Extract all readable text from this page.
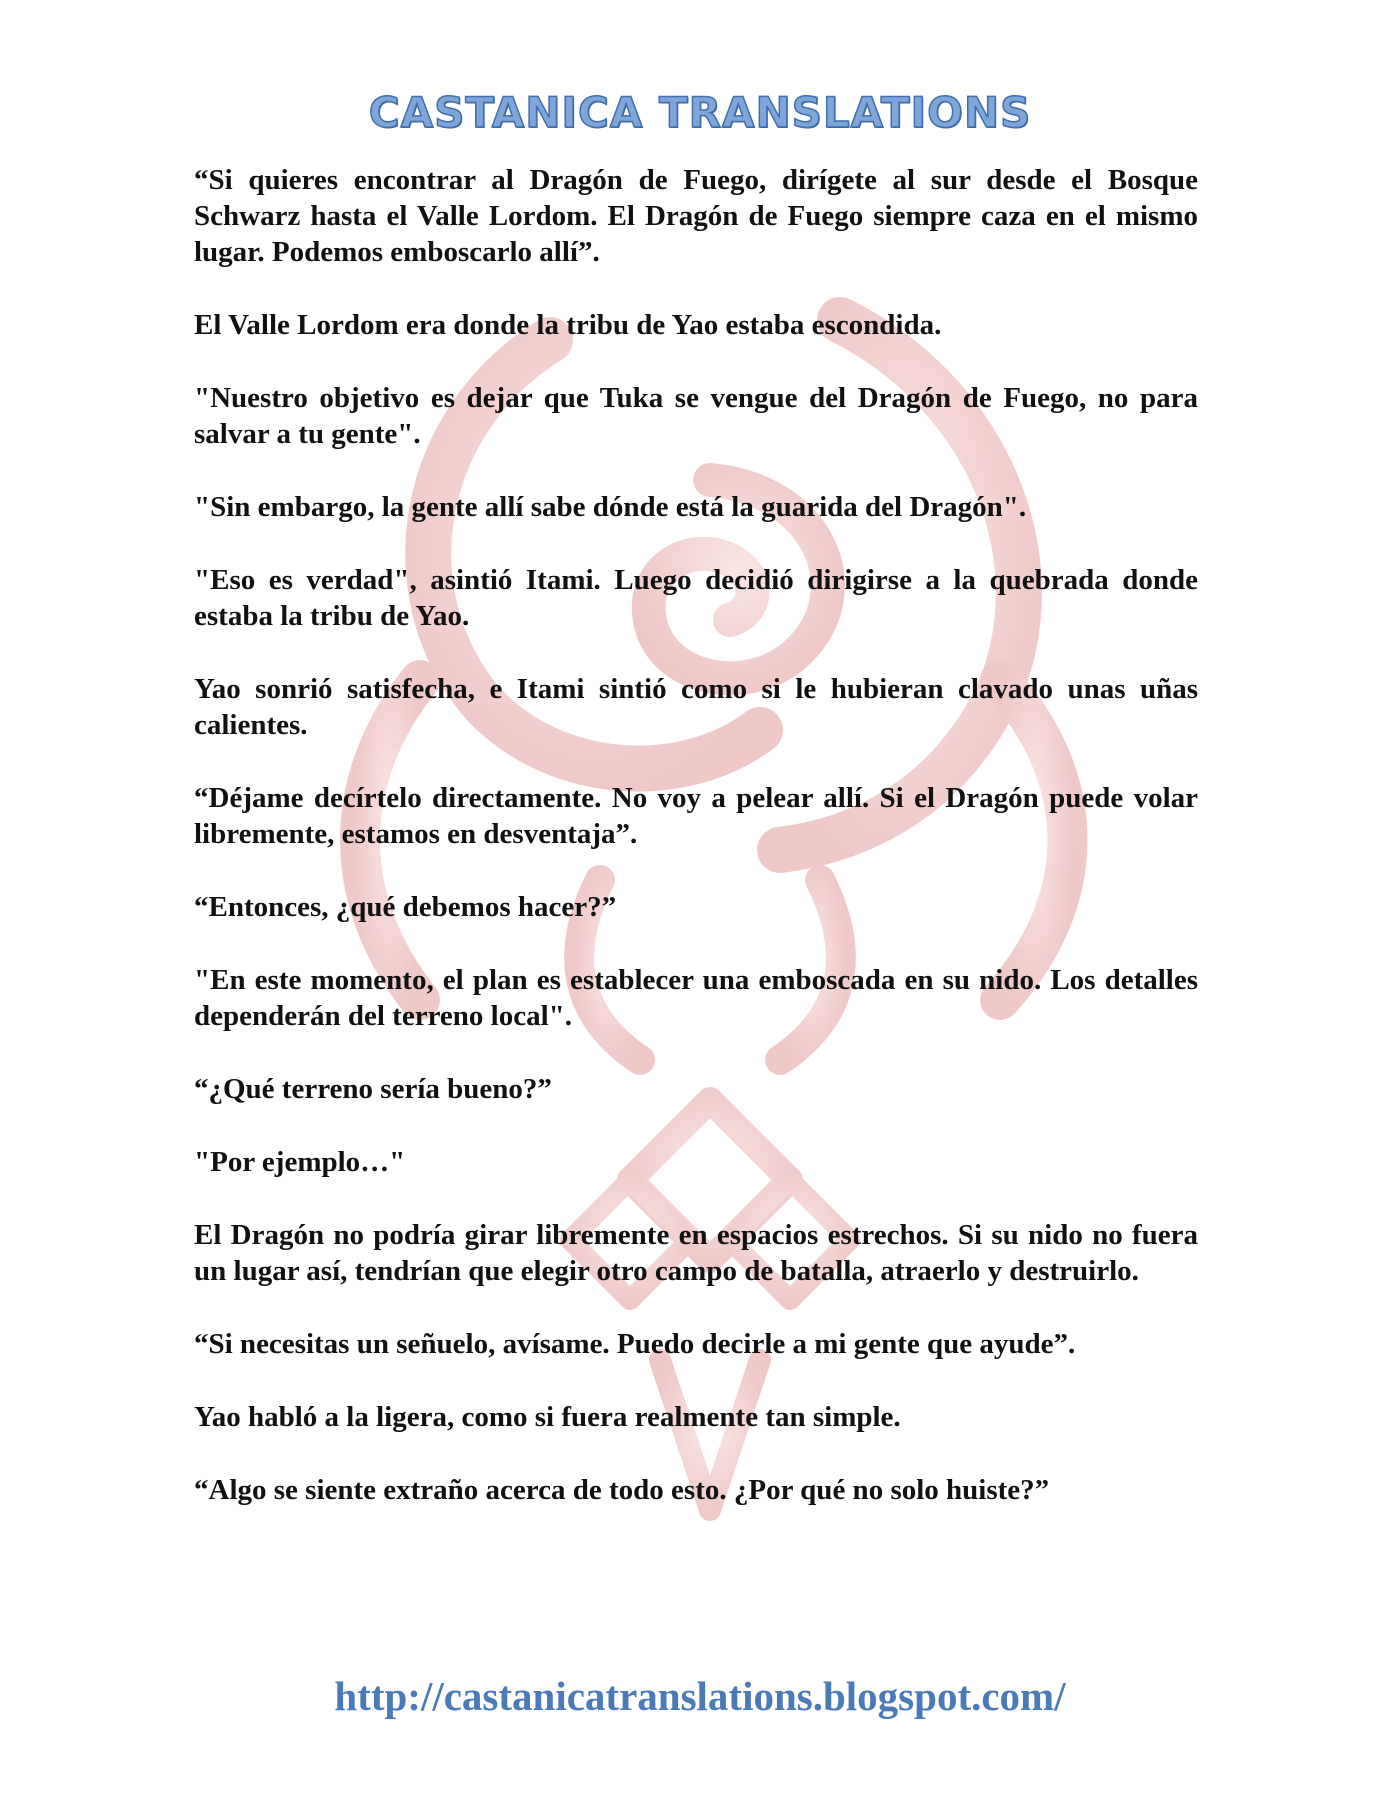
CASTANICA TRANSLATIONS

“Si quieres encontrar al Dragón de Fuego, dirígete al sur desde el Bosque Schwarz hasta el Valle Lordom. El Dragón de Fuego siempre caza en el mismo lugar. Podemos emboscarlo allí”.

El Valle Lordom era donde la tribu de Yao estaba escondida.

"Nuestro objetivo es dejar que Tuka se vengue del Dragón de Fuego, no para salvar a tu gente".

"Sin embargo, la gente allí sabe dónde está la guarida del Dragón".

"Eso es verdad", asintió Itami. Luego decidió dirigirse a la quebrada donde estaba la tribu de Yao.

Yao sonrió satisfecha, e Itami sintió como si le hubieran clavado unas uñas calientes.

“Déjame decírtelo directamente. No voy a pelear allí. Si el Dragón puede volar libremente, estamos en desventaja”.

“Entonces, ¿qué debemos hacer?”

"En este momento, el plan es establecer una emboscada en su nido. Los detalles dependerán del terreno local".

“¿Qué terreno sería bueno?”

"Por ejemplo…"

El Dragón no podría girar libremente en espacios estrechos. Si su nido no fuera un lugar así, tendrían que elegir otro campo de batalla, atraerlo y destruirlo.

“Si necesitas un señuelo, avísame. Puedo decirle a mi gente que ayude”.

Yao habló a la ligera, como si fuera realmente tan simple.

“Algo se siente extraño acerca de todo esto. ¿Por qué no solo huiste?”

http://castanicatranslations.blogspot.com/
